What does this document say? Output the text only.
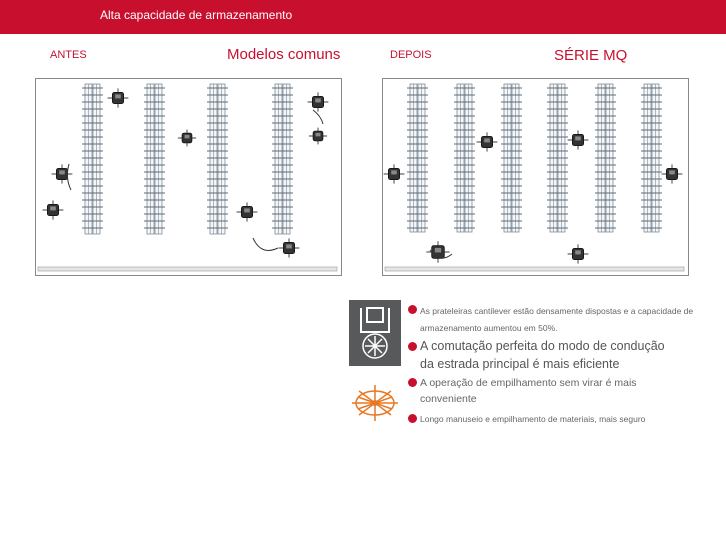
Alta capacidade de armazenamento
ANTES	Modelos comuns	DEPOIS	SÉRIE MQ
As prateleiras cantilever estão densamente dispostas e a capacidade de
armazenamento aumentou em 50%.
A comutação perfeita do modo de condução
da estrada principal é mais eficiente
A operação de empilhamento sem virar é mais
conveniente
Longo manuseio e empilhamento de materiais, mais seguro
